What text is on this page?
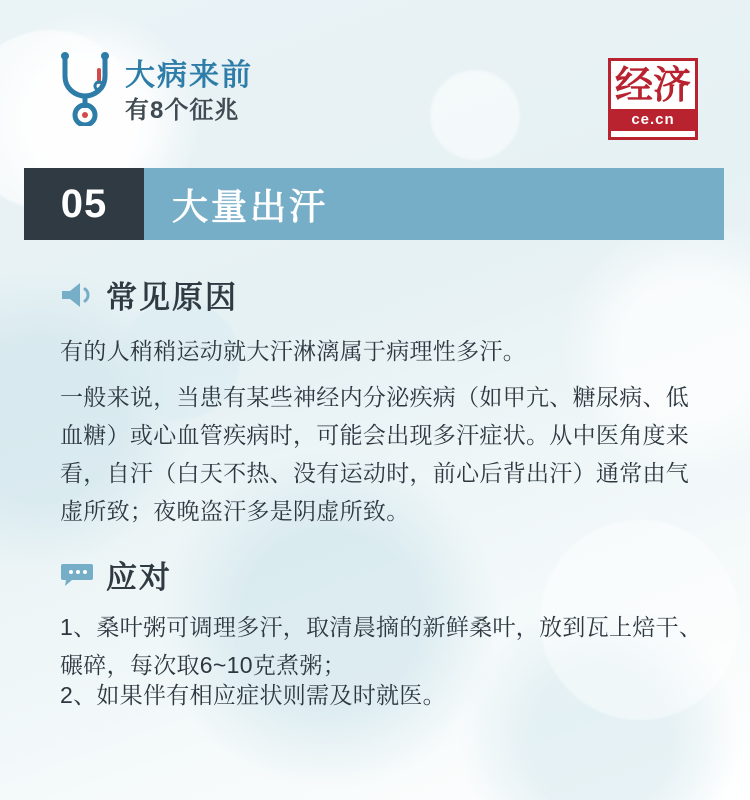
大病来前
有8个征兆
经济
ce.cn
05	大量出汗
常见原因
有的人稍稍运动就大汗淋漓属于病理性多汗。
一般来说，当患有某些神经内分泌疾病（如甲亢、糖尿病、低血糖）或心血管疾病时，可能会出现多汗症状。从中医角度来看，自汗（白天不热、没有运动时，前心后背出汗）通常由气虚所致；夜晚盗汗多是阴虚所致。
应对
1、桑叶粥可调理多汗，取清晨摘的新鲜桑叶，放到瓦上焙干、碾碎，每次取6~10克煮粥；
2、如果伴有相应症状则需及时就医。
